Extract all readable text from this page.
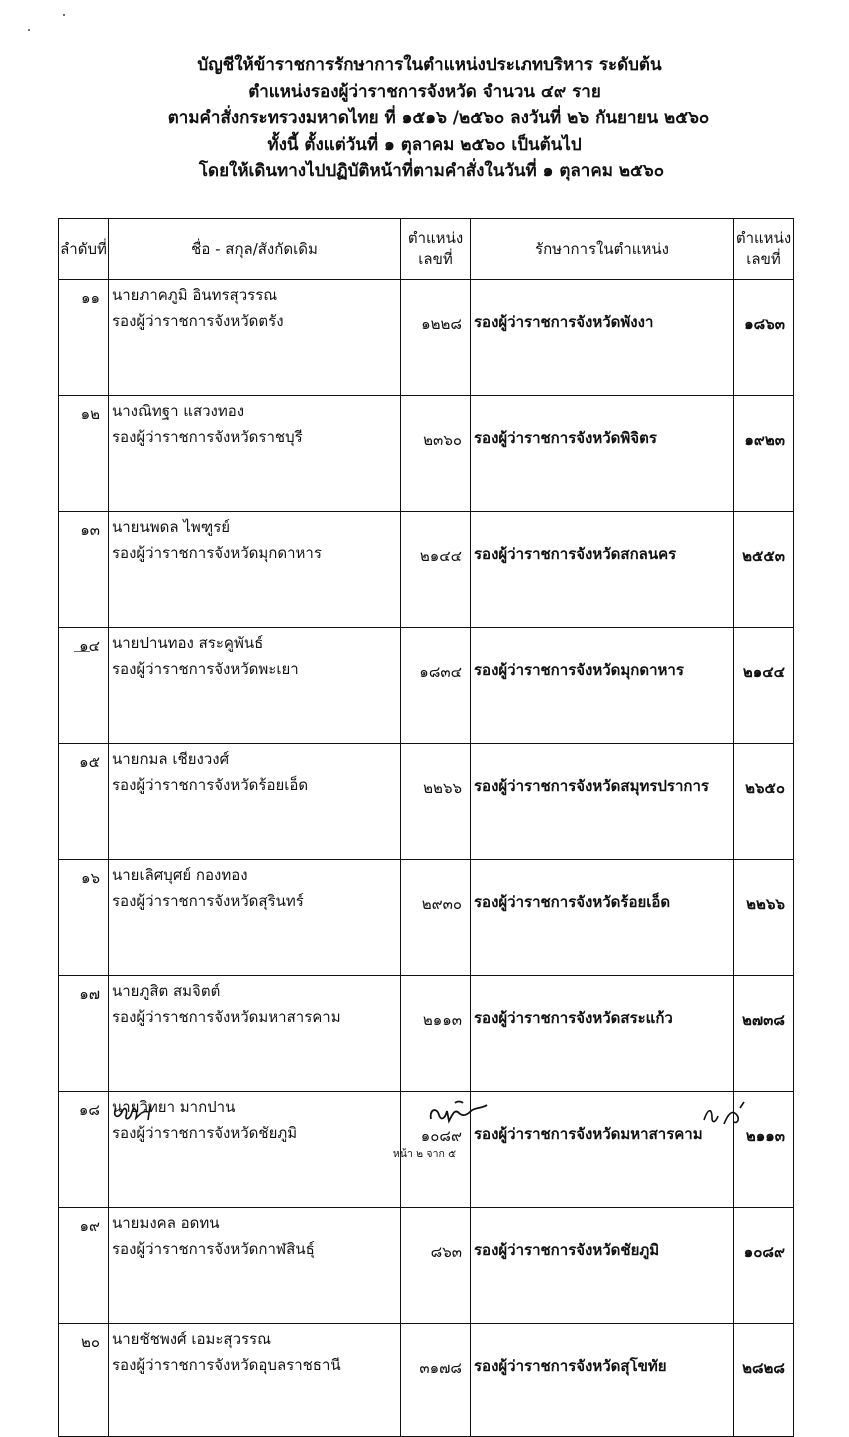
บัญชีให้ข้าราชการรักษาการในตำแหน่งประเภทบริหาร ระดับต้น
ตำแหน่งรองผู้ว่าราชการจังหวัด จำนวน ๔๙ ราย
ตามคำสั่งกระทรวงมหาดไทย ที่ ๑๕๑๖ /๒๕๖๐ ลงวันที่ ๒๖ กันยายน ๒๕๖๐
ทั้งนี้ ตั้งแต่วันที่ ๑ ตุลาคม ๒๕๖๐ เป็นต้นไป
โดยให้เดินทางไปปฏิบัติหน้าที่ตามคำสั่งในวันที่ ๑ ตุลาคม ๒๕๖๐
ลำดับที่	ชื่อ - สกุล/สังกัดเดิม	ตำแหน่งเลขที่	รักษาการในตำแหน่ง	ตำแหน่งเลขที่
๑๑	นายภาคภูมิ อินทรสุวรรณ
รองผู้ว่าราชการจังหวัดตรัง	๑๒๒๘	รองผู้ว่าราชการจังหวัดพังงา	๑๘๖๓
๑๒	นางณิทฐา แสวงทอง
รองผู้ว่าราชการจังหวัดราชบุรี	๒๓๖๐	รองผู้ว่าราชการจังหวัดพิจิตร	๑๙๒๓
๑๓	นายนพดล ไพฑูรย์
รองผู้ว่าราชการจังหวัดมุกดาหาร	๒๑๔๔	รองผู้ว่าราชการจังหวัดสกลนคร	๒๕๕๓
๑๔	นายปานทอง สระคูพันธ์
รองผู้ว่าราชการจังหวัดพะเยา	๑๘๓๔	รองผู้ว่าราชการจังหวัดมุกดาหาร	๒๑๔๔
๑๕	นายกมล เชียงวงศ์
รองผู้ว่าราชการจังหวัดร้อยเอ็ด	๒๒๖๖	รองผู้ว่าราชการจังหวัดสมุทรปราการ	๒๖๕๐
๑๖	นายเลิศบุศย์ กองทอง
รองผู้ว่าราชการจังหวัดสุรินทร์	๒๙๓๐	รองผู้ว่าราชการจังหวัดร้อยเอ็ด	๒๒๖๖
๑๗	นายภูสิต สมจิตต์
รองผู้ว่าราชการจังหวัดมหาสารคาม	๒๑๑๓	รองผู้ว่าราชการจังหวัดสระแก้ว	๒๗๓๘
๑๘	นายวิทยา มากปาน
รองผู้ว่าราชการจังหวัดชัยภูมิ	๑๐๘๙	รองผู้ว่าราชการจังหวัดมหาสารคาม	๒๑๑๓
๑๙	นายมงคล อดทน
รองผู้ว่าราชการจังหวัดกาฬสินธุ์	๘๖๓	รองผู้ว่าราชการจังหวัดชัยภูมิ	๑๐๘๙
๒๐	นายชัชพงศ์ เอมะสุวรรณ
รองผู้ว่าราชการจังหวัดอุบลราชธานี	๓๑๗๘	รองผู้ว่าราชการจังหวัดสุโขทัย	๒๘๒๘
หน้า ๒ จาก ๕
